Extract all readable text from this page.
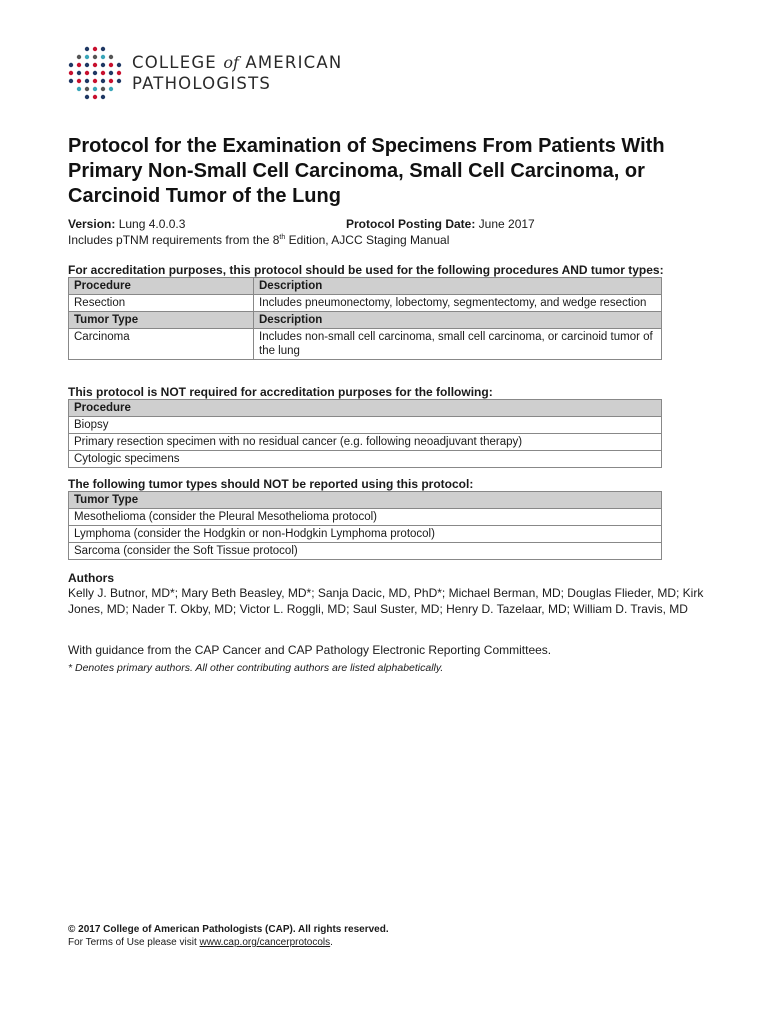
COLLEGE of AMERICAN
PATHOLOGISTS
Protocol for the Examination of Specimens From Patients With Primary Non-Small Cell Carcinoma, Small Cell Carcinoma, or Carcinoid Tumor of the Lung
Version: Lung 4.0.0.3	Protocol Posting Date: June 2017
Includes pTNM requirements from the 8th Edition, AJCC Staging Manual
For accreditation purposes, this protocol should be used for the following procedures AND tumor types:
Procedure	Description
Resection	Includes pneumonectomy, lobectomy, segmentectomy, and wedge resection
Tumor Type	Description
Carcinoma	Includes non-small cell carcinoma, small cell carcinoma, or carcinoid tumor of the lung
This protocol is NOT required for accreditation purposes for the following:
Procedure
Biopsy
Primary resection specimen with no residual cancer (e.g. following neoadjuvant therapy)
Cytologic specimens
The following tumor types should NOT be reported using this protocol:
Tumor Type
Mesothelioma (consider the Pleural Mesothelioma protocol)
Lymphoma (consider the Hodgkin or non-Hodgkin Lymphoma protocol)
Sarcoma (consider the Soft Tissue protocol)
Authors

Kelly J. Butnor, MD*; Mary Beth Beasley, MD*; Sanja Dacic, MD, PhD*; Michael Berman, MD; Douglas Flieder, MD; Kirk Jones, MD; Nader T. Okby, MD; Victor L. Roggli, MD; Saul Suster, MD; Henry D. Tazelaar, MD; William D. Travis, MD

With guidance from the CAP Cancer and CAP Pathology Electronic Reporting Committees.
* Denotes primary authors. All other contributing authors are listed alphabetically.
© 2017 College of American Pathologists (CAP). All rights reserved.
For Terms of Use please visit www.cap.org/cancerprotocols.
